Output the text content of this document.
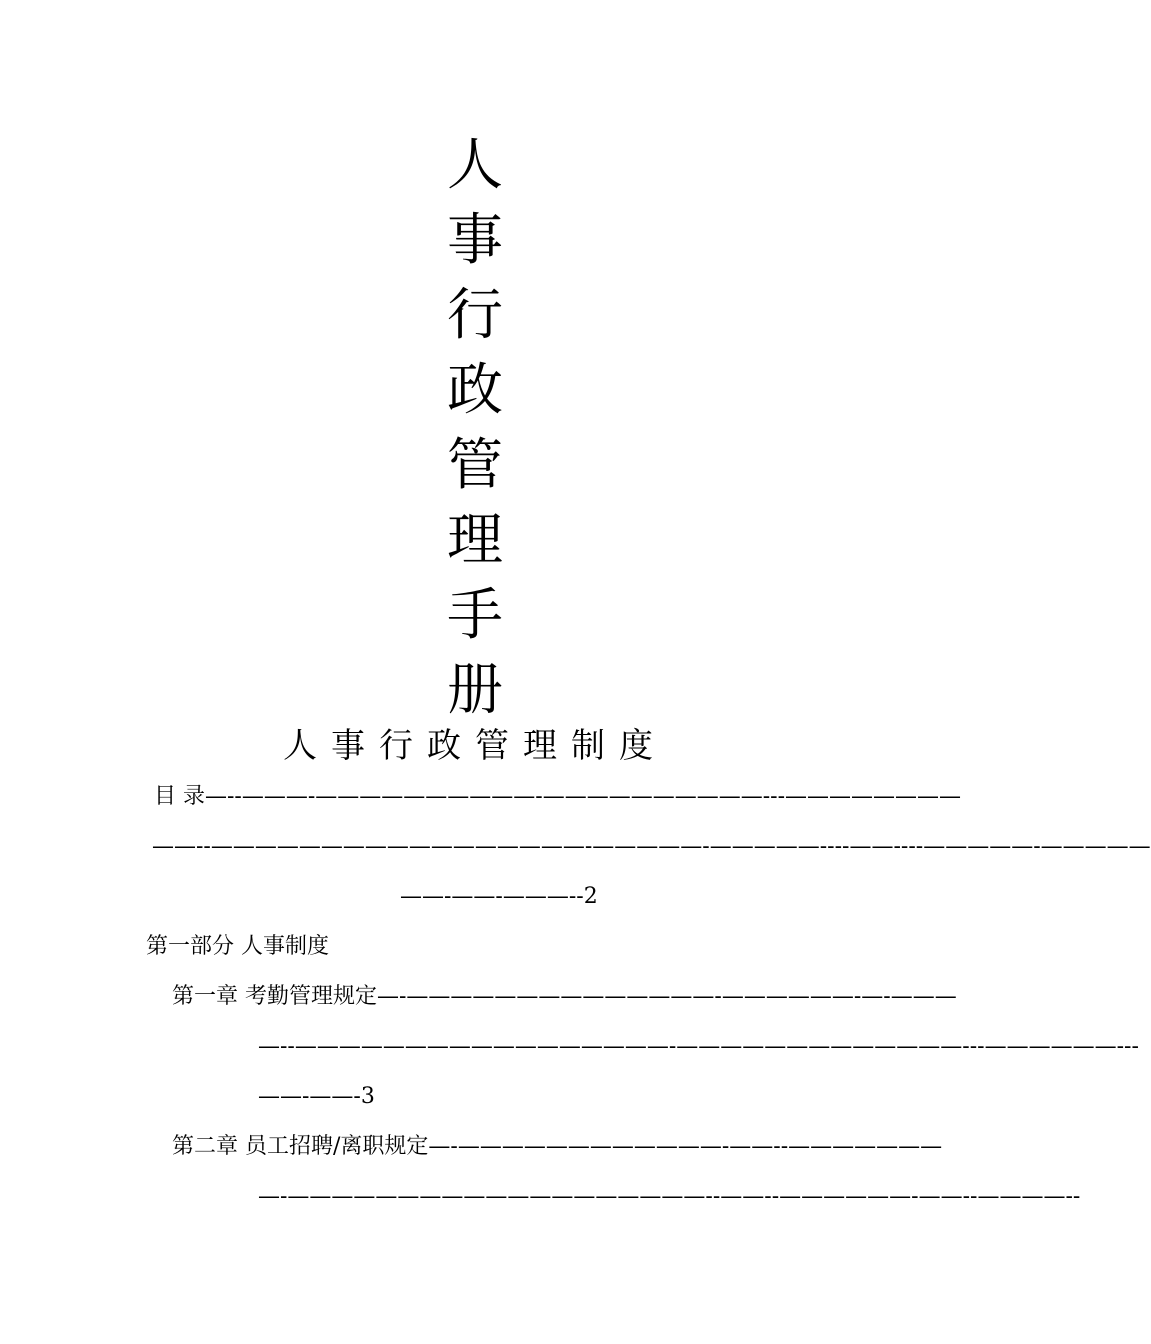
人
事
行
政
管
理
手
册
人事行政管理制度
目 录—--———-——————————-——————————---————————
——--—————————————————-—————-—————----——----—————-—————
——-——-———--2
第一部分 人事制度
第一章 考勤管理规定—-——————————————-——————-—-———
—--—————————————————-—————————————---——————---
——-——-3
第二章 员工招聘/离职规定—-————————————-——--———————
—-———————————————————--——--——————-——--————--
